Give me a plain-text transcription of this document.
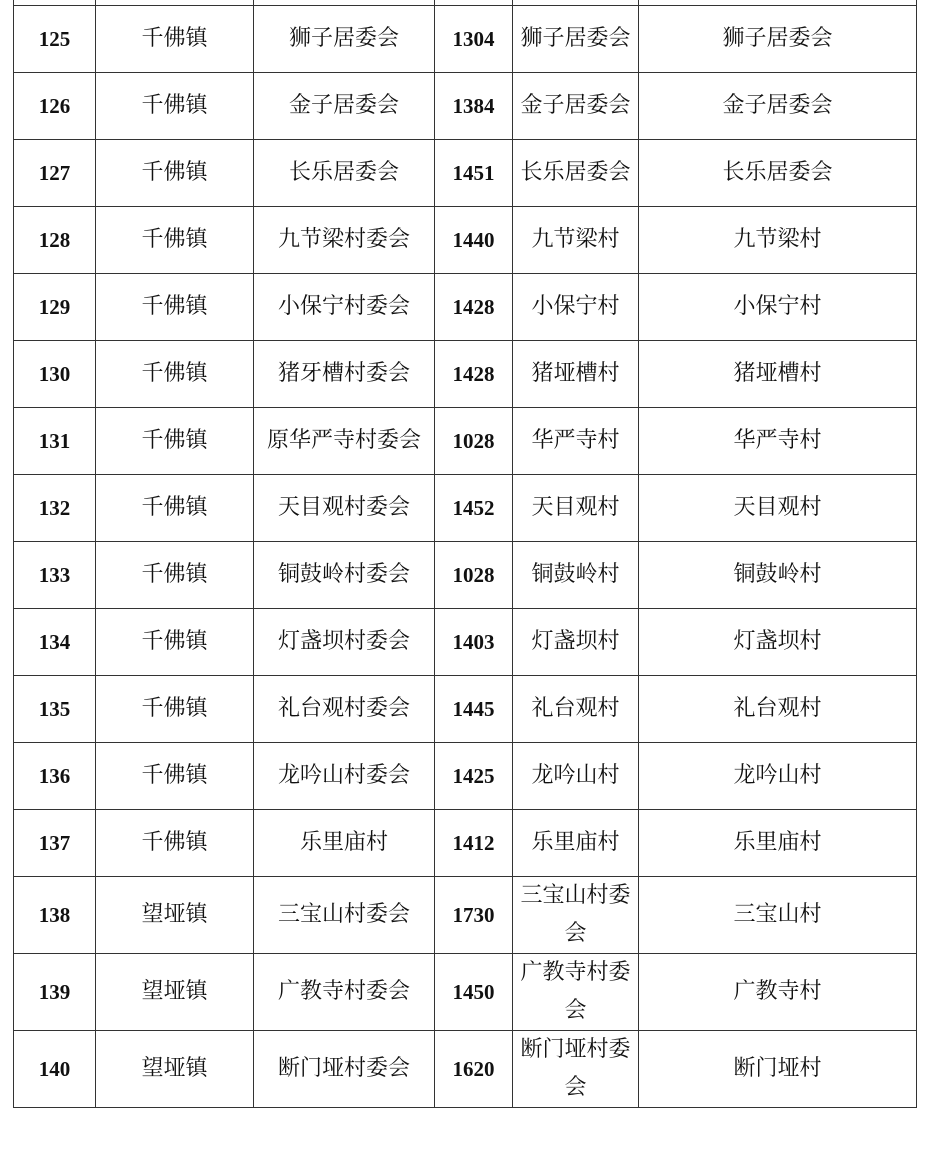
125	千佛镇	狮子居委会	1304	狮子居委会	狮子居委会
126	千佛镇	金子居委会	1384	金子居委会	金子居委会
127	千佛镇	长乐居委会	1451	长乐居委会	长乐居委会
128	千佛镇	九节梁村委会	1440	九节梁村	九节梁村
129	千佛镇	小保宁村委会	1428	小保宁村	小保宁村
130	千佛镇	猪牙槽村委会	1428	猪垭槽村	猪垭槽村
131	千佛镇	原华严寺村委会	1028	华严寺村	华严寺村
132	千佛镇	天目观村委会	1452	天目观村	天目观村
133	千佛镇	铜鼓岭村委会	1028	铜鼓岭村	铜鼓岭村
134	千佛镇	灯盏坝村委会	1403	灯盏坝村	灯盏坝村
135	千佛镇	礼台观村委会	1445	礼台观村	礼台观村
136	千佛镇	龙吟山村委会	1425	龙吟山村	龙吟山村
137	千佛镇	乐里庙村	1412	乐里庙村	乐里庙村
138	望垭镇	三宝山村委会	1730	三宝山村委会	三宝山村
139	望垭镇	广教寺村委会	1450	广教寺村委会	广教寺村
140	望垭镇	断门垭村委会	1620	断门垭村委会	断门垭村
